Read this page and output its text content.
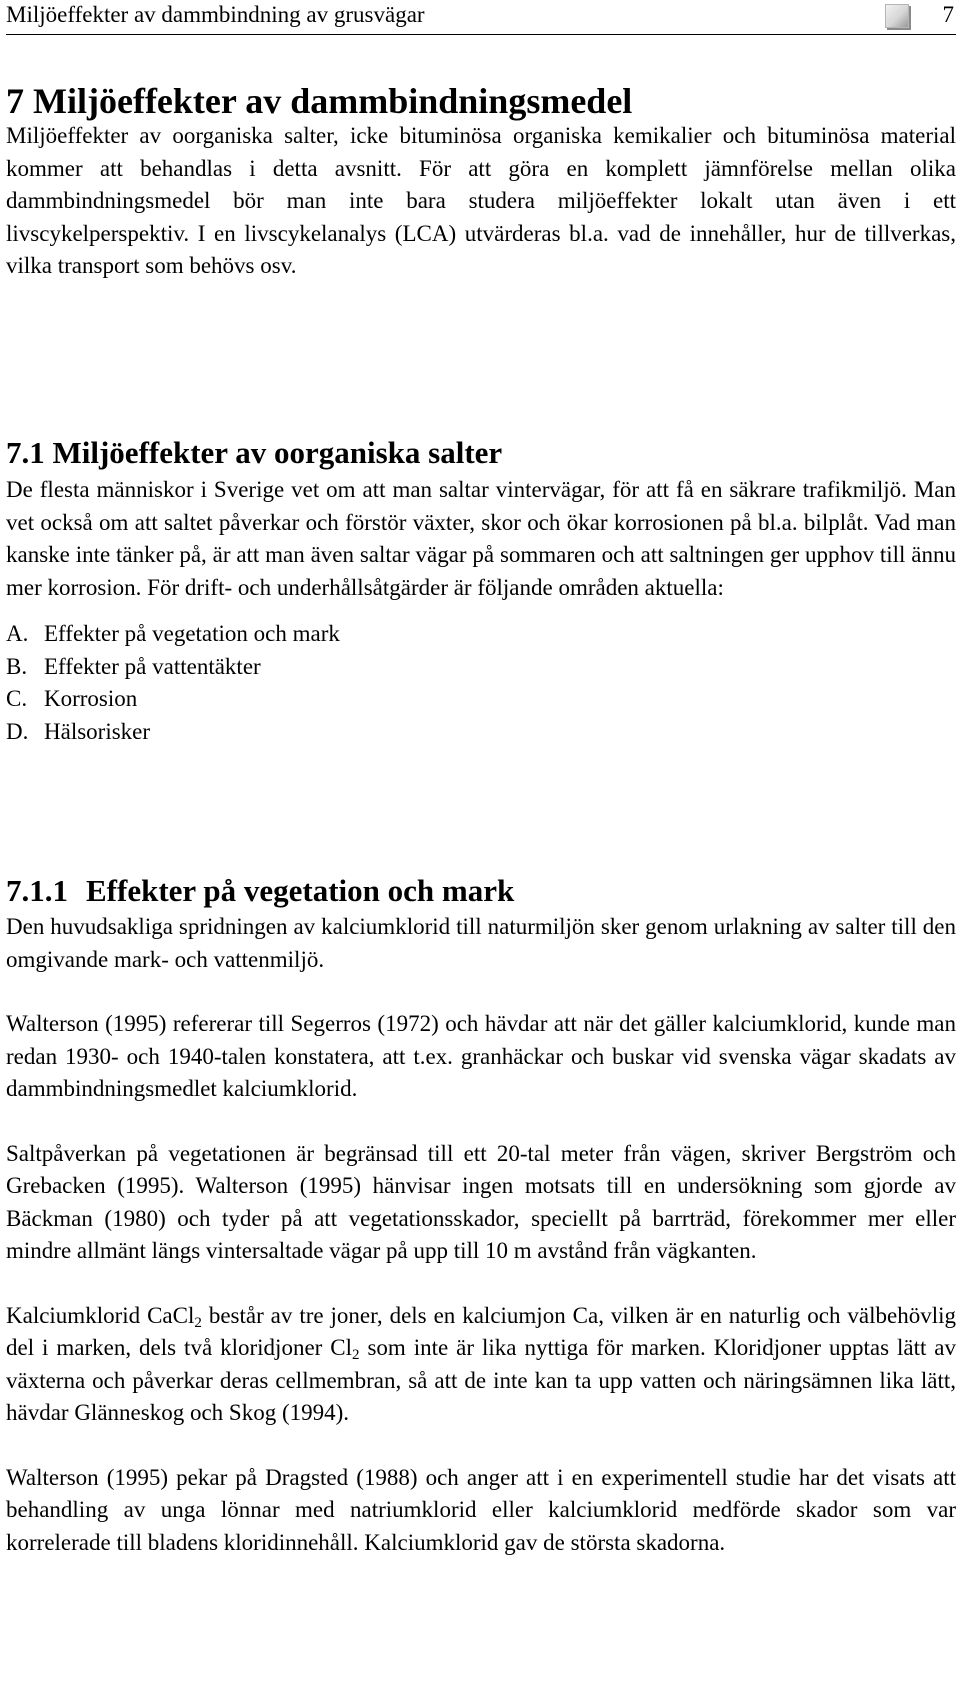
Miljöeffekter av dammbindning av grusvägar	7
7 Miljöeffekter av dammbindningsmedel

Miljöeffekter av oorganiska salter, icke bituminösa organiska kemikalier och bituminösa material kommer att behandlas i detta avsnitt. För att göra en komplett jämnförelse mellan olika dammbindningsmedel bör man inte bara studera miljöeffekter lokalt utan även i ett livscykelperspektiv. I en livscykelanalys (LCA) utvärderas bl.a. vad de innehåller, hur de tillverkas, vilka transport som behövs osv.

7.1 Miljöeffekter av oorganiska salter

De flesta människor i Sverige vet om att man saltar vintervägar, för att få en säkrare trafikmiljö. Man vet också om att saltet påverkar och förstör växter, skor och ökar korrosionen på bl.a. bilplåt. Vad man kanske inte tänker på, är att man även saltar vägar på sommaren och att saltningen ger upphov till ännu mer korrosion. För drift- och underhållsåtgärder är följande områden aktuella:

A. Effekter på vegetation och mark
B. Effekter på vattentäkter
C. Korrosion
D. Hälsorisker
7.1.1 Effekter på vegetation och mark

Den huvudsakliga spridningen av kalciumklorid till naturmiljön sker genom urlakning av salter till den omgivande mark- och vattenmiljö.

Walterson (1995) refererar till Segerros (1972) och hävdar att när det gäller kalciumklorid, kunde man redan 1930- och 1940-talen konstatera, att t.ex. granhäckar och buskar vid svenska vägar skadats av dammbindningsmedlet kalciumklorid.

Saltpåverkan på vegetationen är begränsad till ett 20-tal meter från vägen, skriver Bergström och Grebacken (1995). Walterson (1995) hänvisar ingen motsats till en undersökning som gjorde av Bäckman (1980) och tyder på att vegetationsskador, speciellt på barrträd, förekommer mer eller mindre allmänt längs vintersaltade vägar på upp till 10 m avstånd från vägkanten.

Kalciumklorid CaCl$_2$ består av tre joner, dels en kalciumjon Ca, vilken är en naturlig och välbehövlig del i marken, dels två kloridjoner $Cl_2$ som inte är lika nyttiga för marken. Kloridjoner upptas lätt av växterna och påverkar deras cellmembran, så att de inte kan ta upp vatten och näringsämnen lika lätt, hävdar Glänneskog och Skog (1994).

Walterson (1995) pekar på Dragsted (1988) och anger att i en experimentell studie har det visats att behandling av unga lönnar med natriumklorid eller kalciumklorid medförde skador som var korrelerade till bladens kloridinnehåll. Kalciumklorid gav de största skadorna.
